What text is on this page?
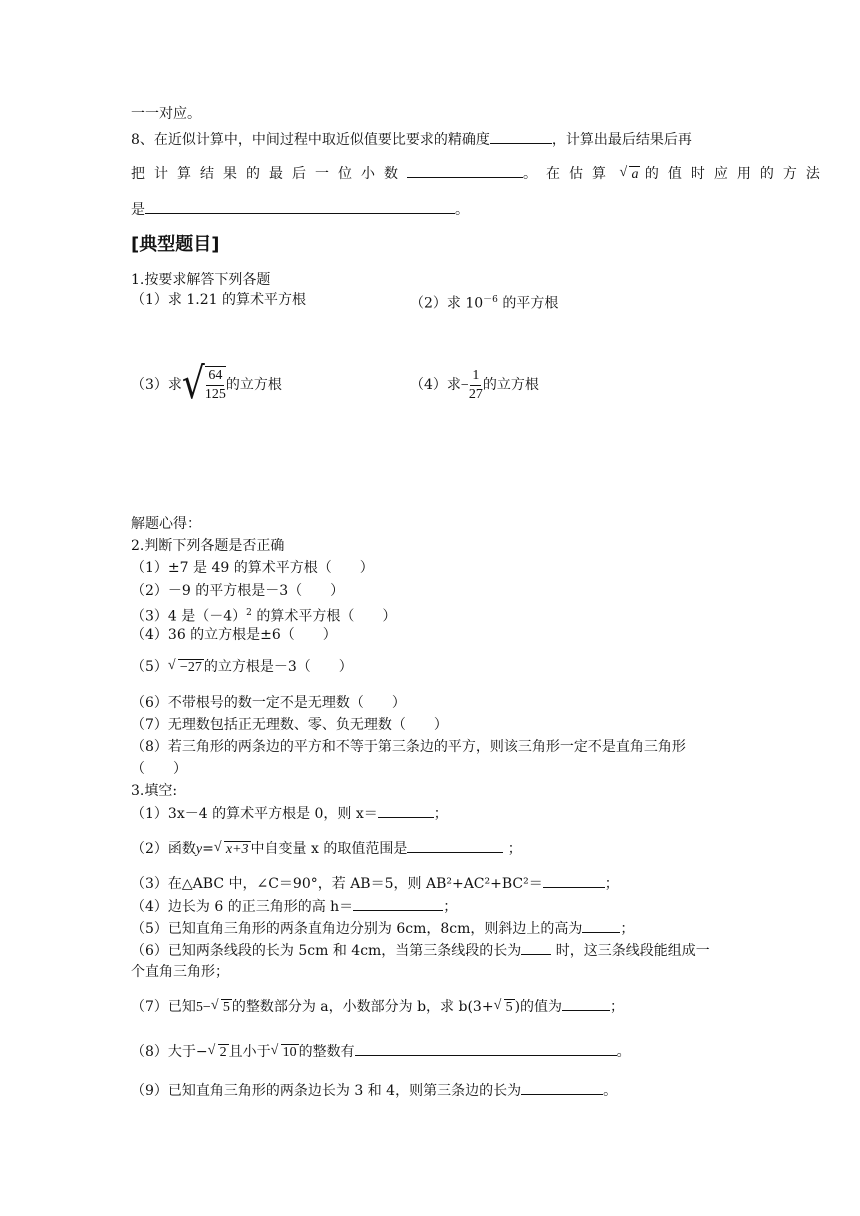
一一对应。
8、在近似计算中，中间过程中取近似值要比要求的精确度	，计算出最后结果后再
把计算结果的最后一位小数	。在估算 √ a 的值时应用的方法
是	。
[典型题目]
1.按要求解答下列各题
（1）求 1.21 的算术平方根	（2）求 $10^{-6}$ 的平方根
（3）求 √ $\frac{64}{125}$ 的立方根	（4）求− $\frac{1}{27}$ 的立方根
解题心得：
2.判断下列各题是否正确
（1）±7 是 49 的算术平方根（　　）
（2）－9 的平方根是－3（　　）
（3）4 是$(-4)^2$ 的算术平方根（　　）
（4）36 的立方根是±6（　　）
（5） √ −27 的立方根是－3（　　）
（6）不带根号的数一定不是无理数（　　）
（7）无理数包括正无理数、零、负无理数（　　）
（8）若三角形的两条边的平方和不等于第三条边的平方，则该三角形一定不是直角三角形
（　　）
3.填空:
（1）3x－4 的算术平方根是 0，则 x＝	；
（2）函数y= √ x+3 中自变量 x 的取值范围是	；
（3）在△ABC 中，∠C＝90°，若 AB＝5，则 AB²+AC²+BC²＝	；
（4）边长为 6 的正三角形的高 h＝	；
（5）已知直角三角形的两条直角边分别为 6cm，8cm，则斜边上的高为	；
（6）已知两条线段的长为 5cm 和 4cm，当第三条线段的长为 时，这三条线段能组成一
个直角三角形；
（7）已知5− √ 5 的整数部分为 a，小数部分为 b，求 b(3+ √ 5 )的值为	；
（8）大于− √ 2 且小于 √ 10 的整数有	。
（9）已知直角三角形的两条边长为 3 和 4，则第三条边的长为	。
